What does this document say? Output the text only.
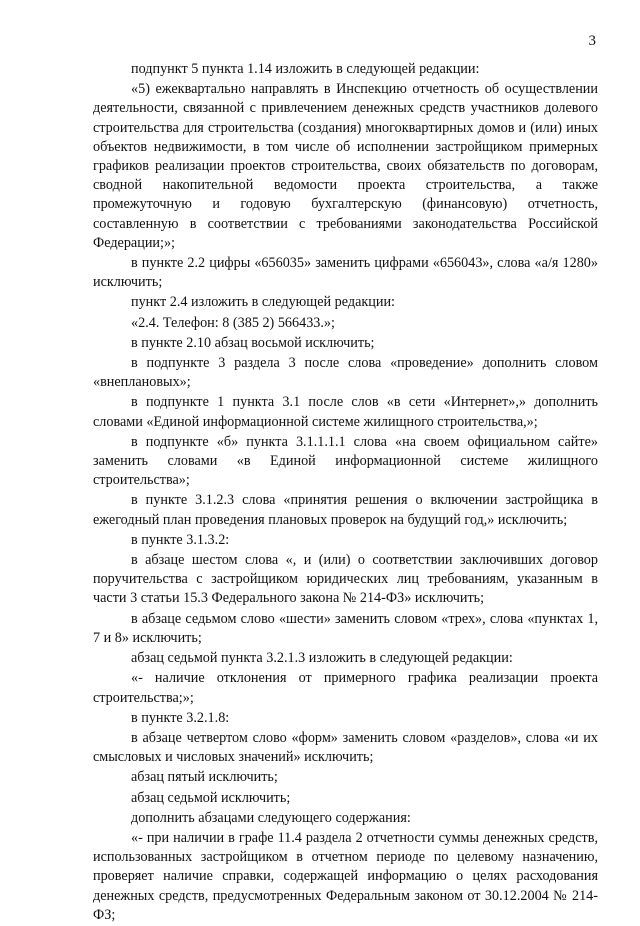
3

подпункт 5 пункта 1.14 изложить в следующей редакции:

«5) ежеквартально направлять в Инспекцию отчетность об осуществлении деятельности, связанной с привлечением денежных средств участников долевого строительства для строительства (создания) многоквартирных домов и (или) иных объектов недвижимости, в том числе об исполнении застройщиком примерных графиков реализации проектов строительства, своих обязательств по договорам, сводной накопительной ведомости проекта строительства, а также промежуточную и годовую бухгалтерскую (финансовую) отчетность, составленную в соответствии с требованиями законодательства Российской Федерации;»;

в пункте 2.2 цифры «656035» заменить цифрами «656043», слова «а/я 1280» исключить;

пункт 2.4 изложить в следующей редакции:

«2.4. Телефон: 8 (385 2) 566433.»;

в пункте 2.10 абзац восьмой исключить;

в подпункте 3 раздела 3 после слова «проведение» дополнить словом «внеплановых»;

в подпункте 1 пункта 3.1 после слов «в сети «Интернет»,» дополнить словами «Единой информационной системе жилищного строительства,»;

в подпункте «б» пункта 3.1.1.1.1 слова «на своем официальном сайте» заменить словами «в Единой информационной системе жилищного строительства»;

в пункте 3.1.2.3 слова «принятия решения о включении застройщика в ежегодный план проведения плановых проверок на будущий год,» исключить;

в пункте 3.1.3.2:

в абзаце шестом слова «, и (или) о соответствии заключивших договор поручительства с застройщиком юридических лиц требованиям, указанным в части 3 статьи 15.3 Федерального закона № 214-ФЗ» исключить;

в абзаце седьмом слово «шести» заменить словом «трех», слова «пунктах 1, 7 и 8» исключить;

абзац седьмой пункта 3.2.1.3 изложить в следующей редакции:

«- наличие отклонения от примерного графика реализации проекта строительства;»;

в пункте 3.2.1.8:

в абзаце четвертом слово «форм» заменить словом «разделов», слова «и их смысловых и числовых значений» исключить;

абзац пятый исключить;

абзац седьмой исключить;

дополнить абзацами следующего содержания:

«- при наличии в графе 11.4 раздела 2 отчетности суммы денежных средств, использованных застройщиком в отчетном периоде по целевому назначению, проверяет наличие справки, содержащей информацию о целях расходования денежных средств, предусмотренных Федеральным законом от 30.12.2004 № 214-ФЗ;
